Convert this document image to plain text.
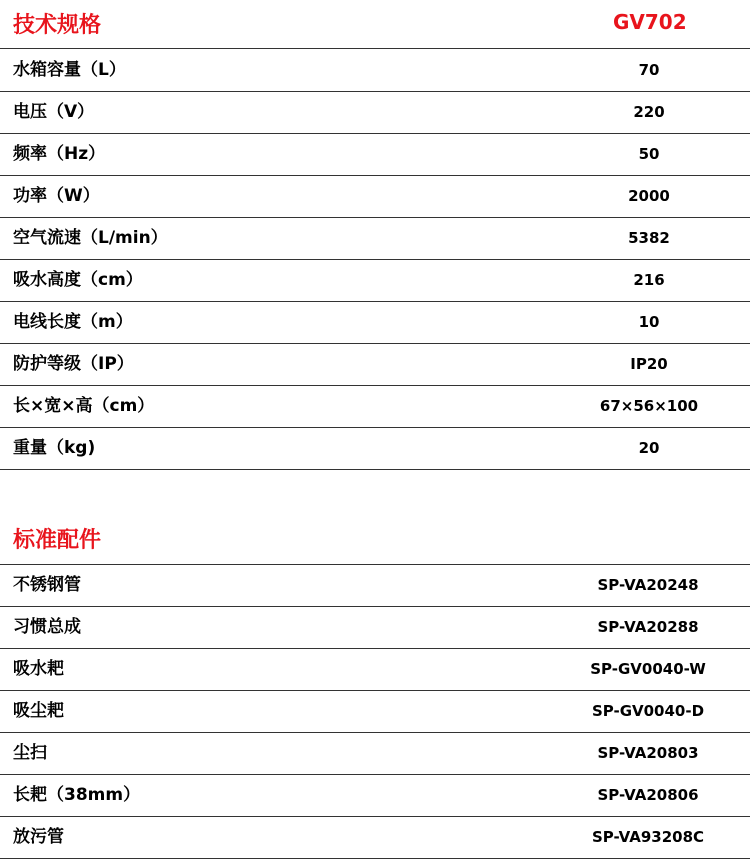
技术规格	GV702
水箱容量（L）	70
电压（V）	220
频率（Hz）	50
功率（W）	2000
空气流速（L/min）	5382
吸水高度（cm）	216
电线长度（m）	10
防护等级（IP）	IP20
长×宽×高（cm）	67×56×100
重量（kg)	20
标准配件
不锈钢管	SP-VA20248
习惯总成	SP-VA20288
吸水耙	SP-GV0040-W
吸尘耙	SP-GV0040-D
尘扫	SP-VA20803
长耙（38mm）	SP-VA20806
放污管	SP-VA93208C
